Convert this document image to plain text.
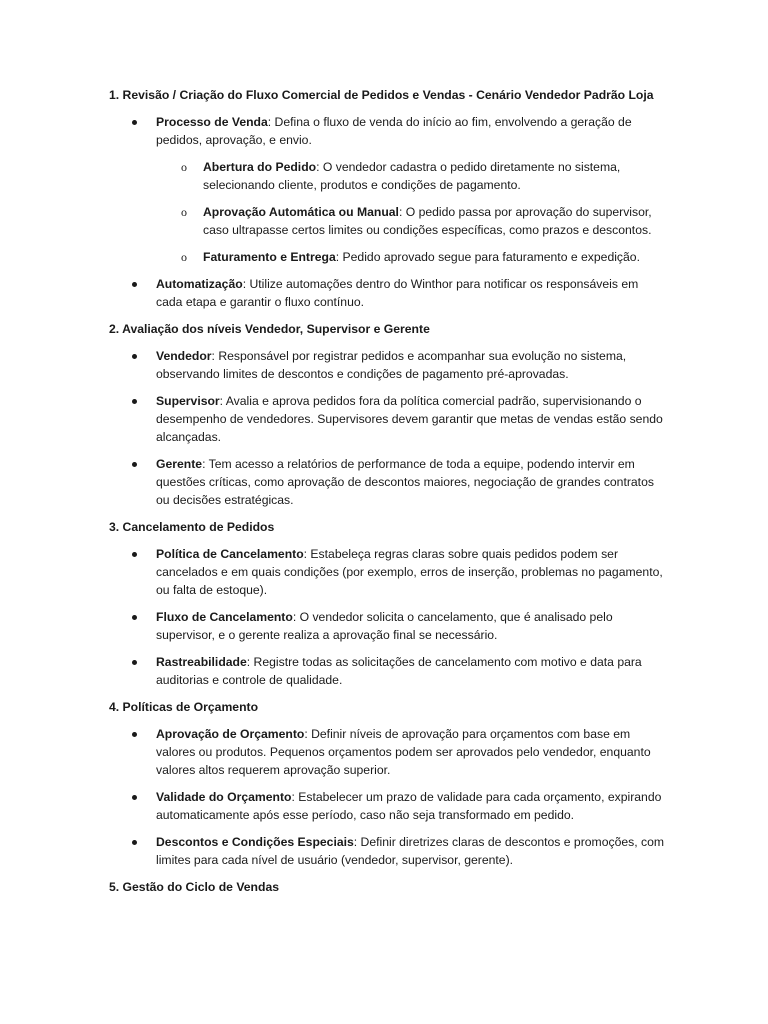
1. Revisão / Criação do Fluxo Comercial de Pedidos e Vendas - Cenário Vendedor Padrão Loja
Processo de Venda: Defina o fluxo de venda do início ao fim, envolvendo a geração de pedidos, aprovação, e envio.
o Abertura do Pedido: O vendedor cadastra o pedido diretamente no sistema, selecionando cliente, produtos e condições de pagamento.
o Aprovação Automática ou Manual: O pedido passa por aprovação do supervisor, caso ultrapasse certos limites ou condições específicas, como prazos e descontos.
o Faturamento e Entrega: Pedido aprovado segue para faturamento e expedição.
Automatização: Utilize automações dentro do Winthor para notificar os responsáveis em cada etapa e garantir o fluxo contínuo.
2. Avaliação dos níveis Vendedor, Supervisor e Gerente
Vendedor: Responsável por registrar pedidos e acompanhar sua evolução no sistema, observando limites de descontos e condições de pagamento pré-aprovadas.
Supervisor: Avalia e aprova pedidos fora da política comercial padrão, supervisionando o desempenho de vendedores. Supervisores devem garantir que metas de vendas estão sendo alcançadas.
Gerente: Tem acesso a relatórios de performance de toda a equipe, podendo intervir em questões críticas, como aprovação de descontos maiores, negociação de grandes contratos ou decisões estratégicas.
3. Cancelamento de Pedidos
Política de Cancelamento: Estabeleça regras claras sobre quais pedidos podem ser cancelados e em quais condições (por exemplo, erros de inserção, problemas no pagamento, ou falta de estoque).
Fluxo de Cancelamento: O vendedor solicita o cancelamento, que é analisado pelo supervisor, e o gerente realiza a aprovação final se necessário.
Rastreabilidade: Registre todas as solicitações de cancelamento com motivo e data para auditorias e controle de qualidade.
4. Políticas de Orçamento
Aprovação de Orçamento: Definir níveis de aprovação para orçamentos com base em valores ou produtos. Pequenos orçamentos podem ser aprovados pelo vendedor, enquanto valores altos requerem aprovação superior.
Validade do Orçamento: Estabelecer um prazo de validade para cada orçamento, expirando automaticamente após esse período, caso não seja transformado em pedido.
Descontos e Condições Especiais: Definir diretrizes claras de descontos e promoções, com limites para cada nível de usuário (vendedor, supervisor, gerente).
5. Gestão do Ciclo de Vendas
